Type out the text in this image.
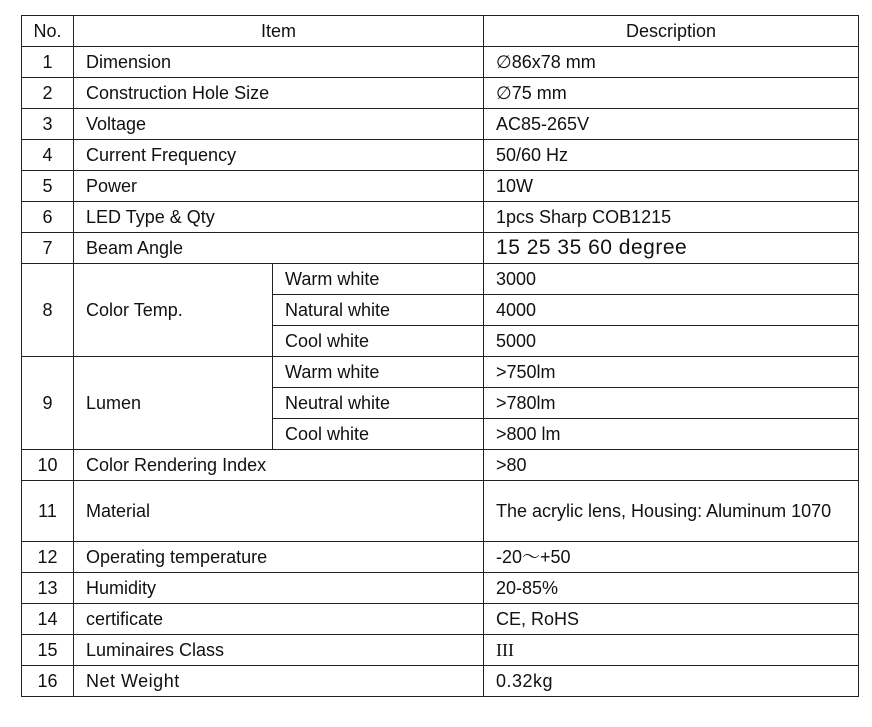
No.	Item		Description
1	Dimension		∅86x78 mm
2	Construction Hole Size		∅75 mm
3	Voltage		AC85-265V
4	Current Frequency		50/60 Hz
5	Power		10W
6	LED Type & Qty		1pcs Sharp COB1215
7	Beam Angle		15 25 35 60 degree
8	Color Temp.	Warm white	3000
		Natural white	4000
		Cool white	5000
9	Lumen	Warm white	>750lm
		Neutral white	>780lm
		Cool white	>800 lm
10	Color Rendering Index		>80
11	Material		The acrylic lens, Housing: Aluminum 1070
12	Operating temperature		-20～+50
13	Humidity		20-85%
14	certificate		CE, RoHS
15	Luminaires Class		III
16	Net Weight		0.32kg
